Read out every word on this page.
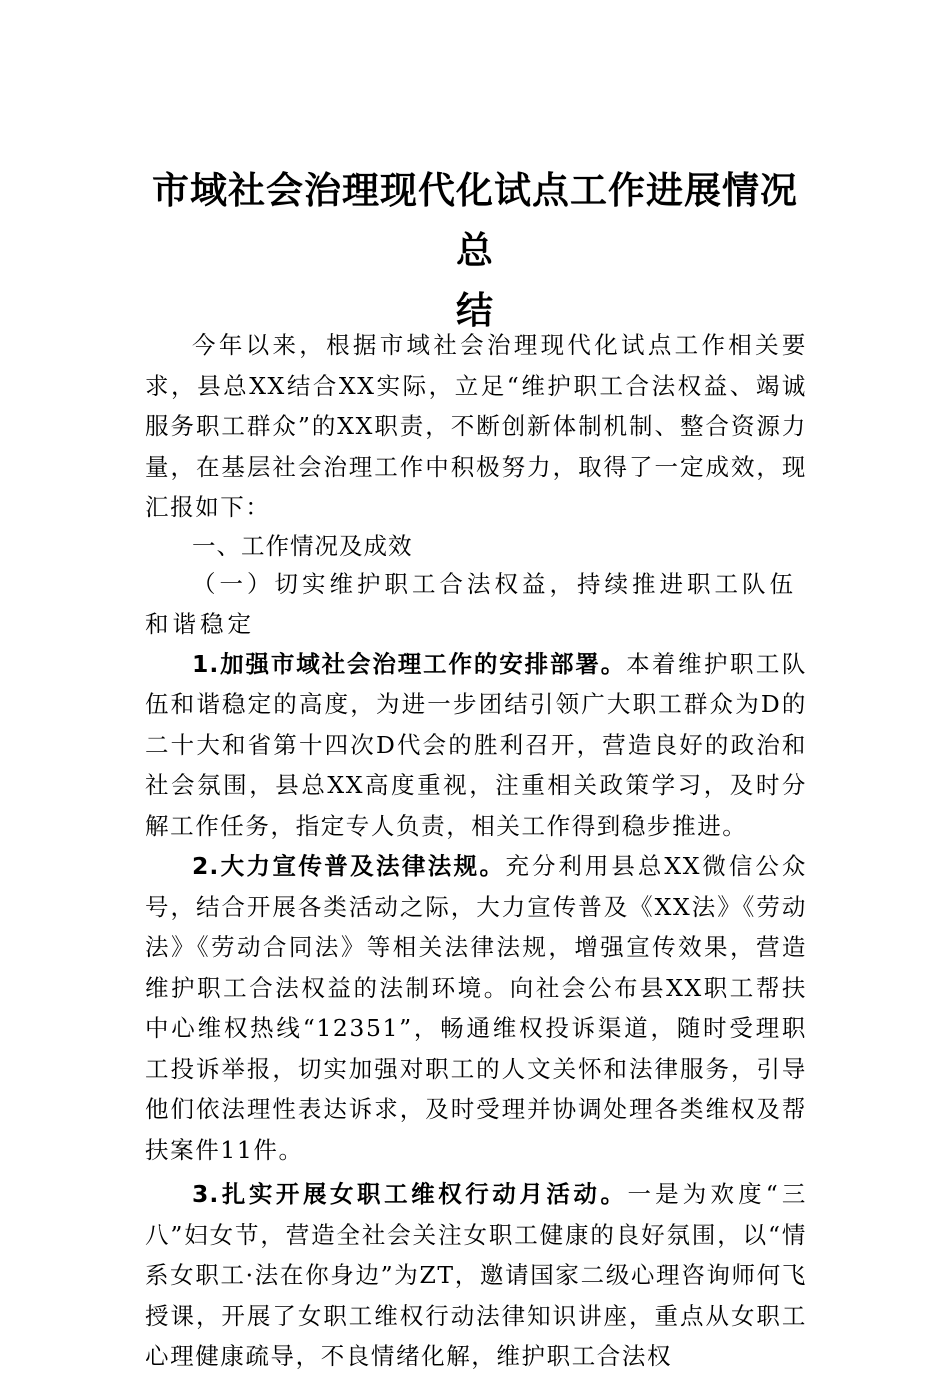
市域社会治理现代化试点工作进展情况总
结

今年以来，根据市域社会治理现代化试点工作相关要求，县总XX结合XX实际，立足“维护职工合法权益、竭诚服务职工群众”的XX职责，不断创新体制机制、整合资源力量，在基层社会治理工作中积极努力，取得了一定成效，现汇报如下：

一、工作情况及成效

（一）切实维护职工合法权益，持续推进职工队伍和谐稳定

1.加强市域社会治理工作的安排部署。本着维护职工队伍和谐稳定的高度，为进一步团结引领广大职工群众为D的二十大和省第十四次D代会的胜利召开，营造良好的政治和社会氛围，县总XX高度重视，注重相关政策学习，及时分解工作任务，指定专人负责，相关工作得到稳步推进。

2.大力宣传普及法律法规。充分利用县总XX微信公众号，结合开展各类活动之际，大力宣传普及《XX法》《劳动法》《劳动合同法》等相关法律法规，增强宣传效果，营造维护职工合法权益的法制环境。向社会公布县XX职工帮扶中心维权热线“12351”，畅通维权投诉渠道，随时受理职工投诉举报，切实加强对职工的人文关怀和法律服务，引导他们依法理性表达诉求，及时受理并协调处理各类维权及帮扶案件11件。

3.扎实开展女职工维权行动月活动。一是为欢度“三八”妇女节，营造全社会关注女职工健康的良好氛围，以“情系女职工·法在你身边”为ZT，邀请国家二级心理咨询师何飞授课，开展了女职工维权行动法律知识讲座，重点从女职工心理健康疏导，不良情绪化解，维护职工合法权
